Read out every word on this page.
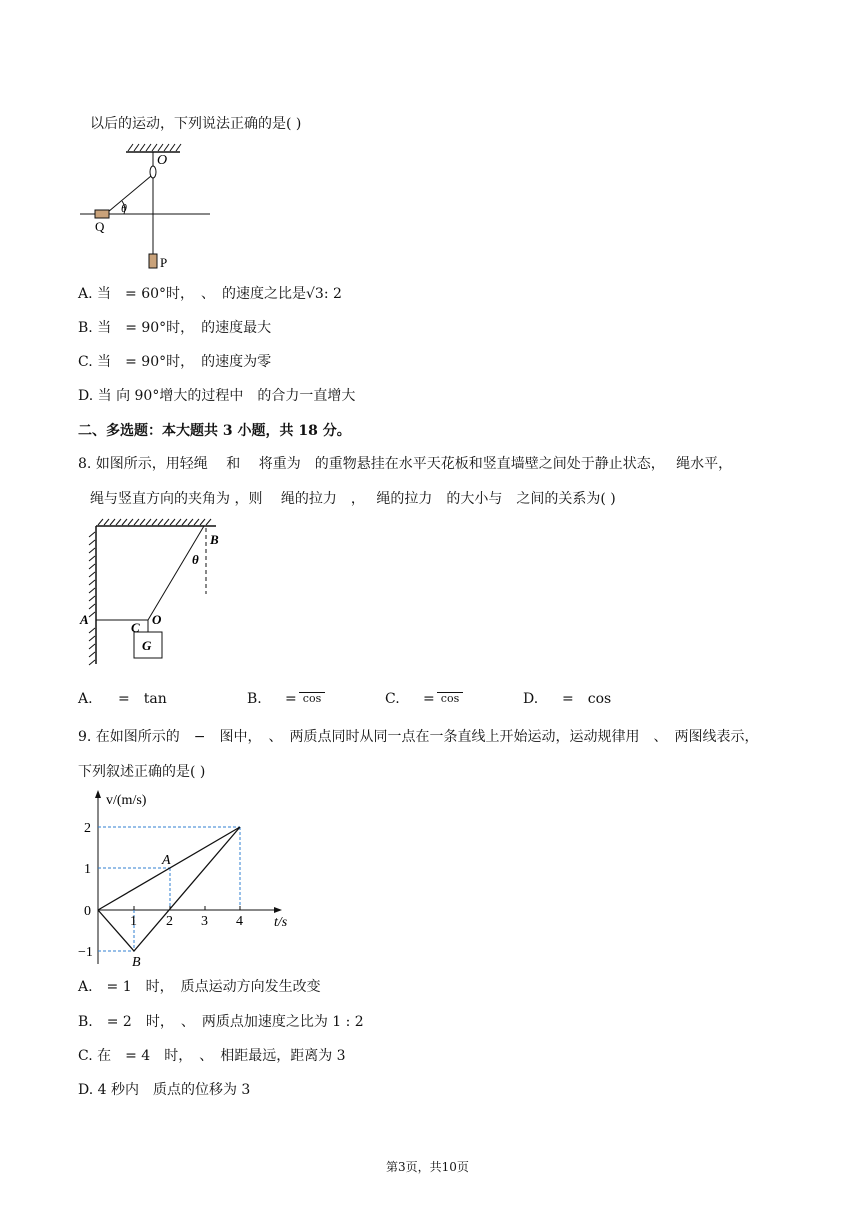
以后的运动，下列说法正确的是( )
O
θ
Q
P
A. 当　= 60°时，　、　的速度之比是√3: 2
B. 当　= 90°时，　的速度最大
C. 当　= 90°时，　的速度为零
D. 当 向 90°增大的过程中　的合力一直增大
二、多选题：本大题共 3 小题，共 18 分。
8. 如图所示，用轻绳　 和　 将重为　的重物悬挂在水平天花板和竖直墙壁之间处于静止状态，　 绳水平，
绳与竖直方向的夹角为 ，则　 绳的拉力　，　 绳的拉力　的大小与　之间的关系为( )
G
A
B
C
O
θ
A. =　tan	B. = cos	C. = cos	D. =　cos
9. 在如图所示的　−　图中，　、　两质点同时从同一点在一条直线上开始运动，运动规律用　、　两图线表示，
下列叙述正确的是( )
v/(m/s)
t/s
2
1
0
−1
1 2 3 4
A
B
A.　= 1　时，　质点运动方向发生改变
B.　= 2　时，　、　两质点加速度之比为 1 : 2
C. 在　= 4　时，　、　相距最远，距离为 3
D. 4 秒内　质点的位移为 3
第3页，共10页
